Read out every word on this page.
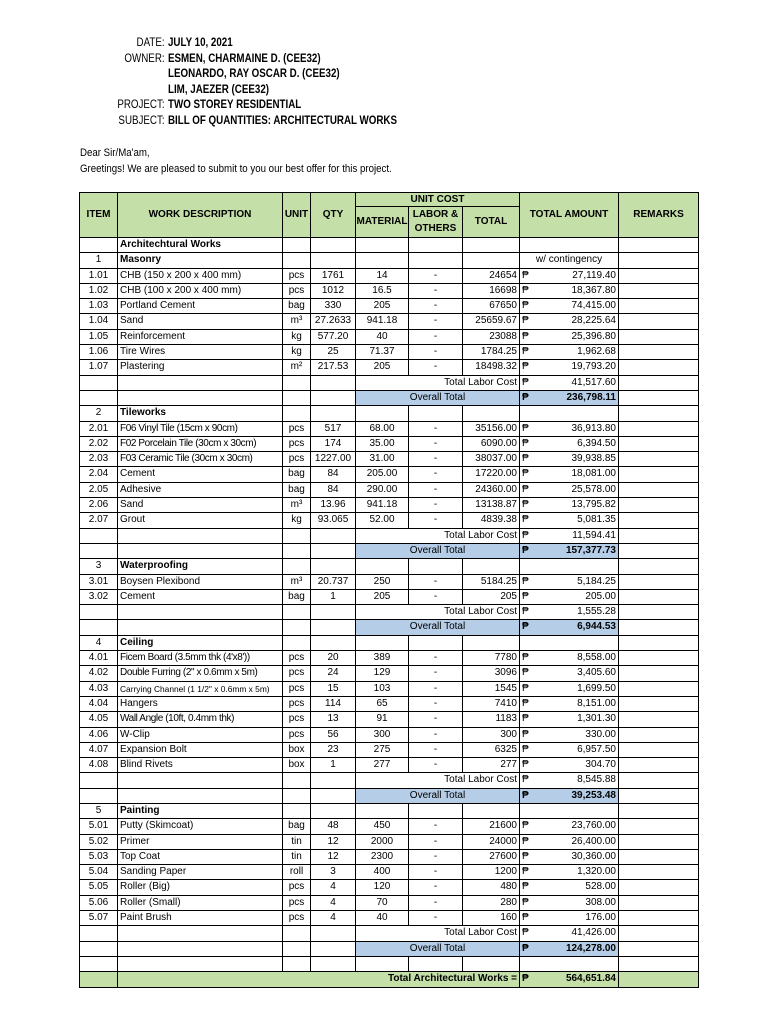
DATE: JULY 10, 2021
OWNER: ESMEN, CHARMAINE D. (CEE32)
LEONARDO, RAY OSCAR D. (CEE32)
LIM, JAEZER (CEE32)
PROJECT: TWO STOREY RESIDENTIAL
SUBJECT: BILL OF QUANTITIES: ARCHITECTURAL WORKS
Dear Sir/Ma'am,
Greetings! We are pleased to submit to you our best offer for this project.
ITEM	WORK DESCRIPTION	UNIT	QTY	UNIT COST			TOTAL AMOUNT	REMARKS
				MATERIAL	LABOR & OTHERS	TOTAL		
	Architechtural Works							
1	Masonry						w/ contingency	
1.01	CHB (150 x 200 x 400 mm)	pcs	1761	14	-	24654	₱ 27,119.40	

1.02	CHB (100 x 200 x 400 mm)	pcs	1012	16.5	-	16698	₱ 18,367.80	

1.03	Portland Cement	bag	330	205	-	67650	₱ 74,415.00	

1.04	Sand	m³	27.2633	941.18	-	25659.67	₱ 28,225.64	

1.05	Reinforcement	kg	577.20	40	-	23088	₱ 25,396.80	

1.06	Tire Wires	kg	25	71.37	-	1784.25	₱ 1,962.68	

1.07	Plastering	m²	217.53	205	-	18498.32	₱ 19,793.20	

				Total Labor Cost			₱ 41,517.60	

				Overall Total			₱ 236,798.11	

2	Tileworks							
2.01	F06 Vinyl Tile (15cm x 90cm)	pcs	517	68.00	-	35156.00	₱ 36,913.80	

2.02	F02 Porcelain Tile (30cm x 30cm)	pcs	174	35.00	-	6090.00	₱ 6,394.50	

2.03	F03 Ceramic Tile (30cm x 30cm)	pcs	1227.00	31.00	-	38037.00	₱ 39,938.85	

2.04	Cement	bag	84	205.00	-	17220.00	₱ 18,081.00	

2.05	Adhesive	bag	84	290.00	-	24360.00	₱ 25,578.00	

2.06	Sand	m³	13.96	941.18	-	13138.87	₱ 13,795.82	

2.07	Grout	kg	93.065	52.00	-	4839.38	₱ 5,081.35	

				Total Labor Cost			₱ 11,594.41	

				Overall Total			₱ 157,377.73	

3	Waterproofing							
3.01	Boysen Plexibond	m³	20.737	250	-	5184.25	₱ 5,184.25	

3.02	Cement	bag	1	205	-	205	₱ 205.00	

				Total Labor Cost			₱ 1,555.28	

				Overall Total			₱ 6,944.53	

4	Ceiling							
4.01	Ficem Board (3.5mm thk (4'x8'))	pcs	20	389	-	7780	₱ 8,558.00	

4.02	Double Furring (2" x 0.6mm x 5m)	pcs	24	129	-	3096	₱ 3,405.60	

4.03	Carrying Channel (1 1/2" x 0.6mm x 5m)	pcs	15	103	-	1545	₱ 1,699.50	

4.04	Hangers	pcs	114	65	-	7410	₱ 8,151.00	

4.05	Wall Angle (10ft, 0.4mm thk)	pcs	13	91	-	1183	₱ 1,301.30	

4.06	W-Clip	pcs	56	300	-	300	₱ 330.00	

4.07	Expansion Bolt	box	23	275	-	6325	₱ 6,957.50	

4.08	Blind Rivets	box	1	277	-	277	₱ 304.70	

				Total Labor Cost			₱ 8,545.88	

				Overall Total			₱ 39,253.48	

5	Painting							
5.01	Putty (Skimcoat)	bag	48	450	-	21600	₱ 23,760.00	

5.02	Primer	tin	12	2000	-	24000	₱ 26,400.00	

5.03	Top Coat	tin	12	2300	-	27600	₱ 30,360.00	

5.04	Sanding Paper	roll	3	400	-	1200	₱ 1,320.00	

5.05	Roller (Big)	pcs	4	120	-	480	₱ 528.00	

5.06	Roller (Small)	pcs	4	70	-	280	₱ 308.00	

5.07	Paint Brush	pcs	4	40	-	160	₱ 176.00	

				Total Labor Cost			₱ 41,426.00	

				Overall Total			₱ 124,278.00	

	Total Architectural Works =						₱ 564,651.84	
